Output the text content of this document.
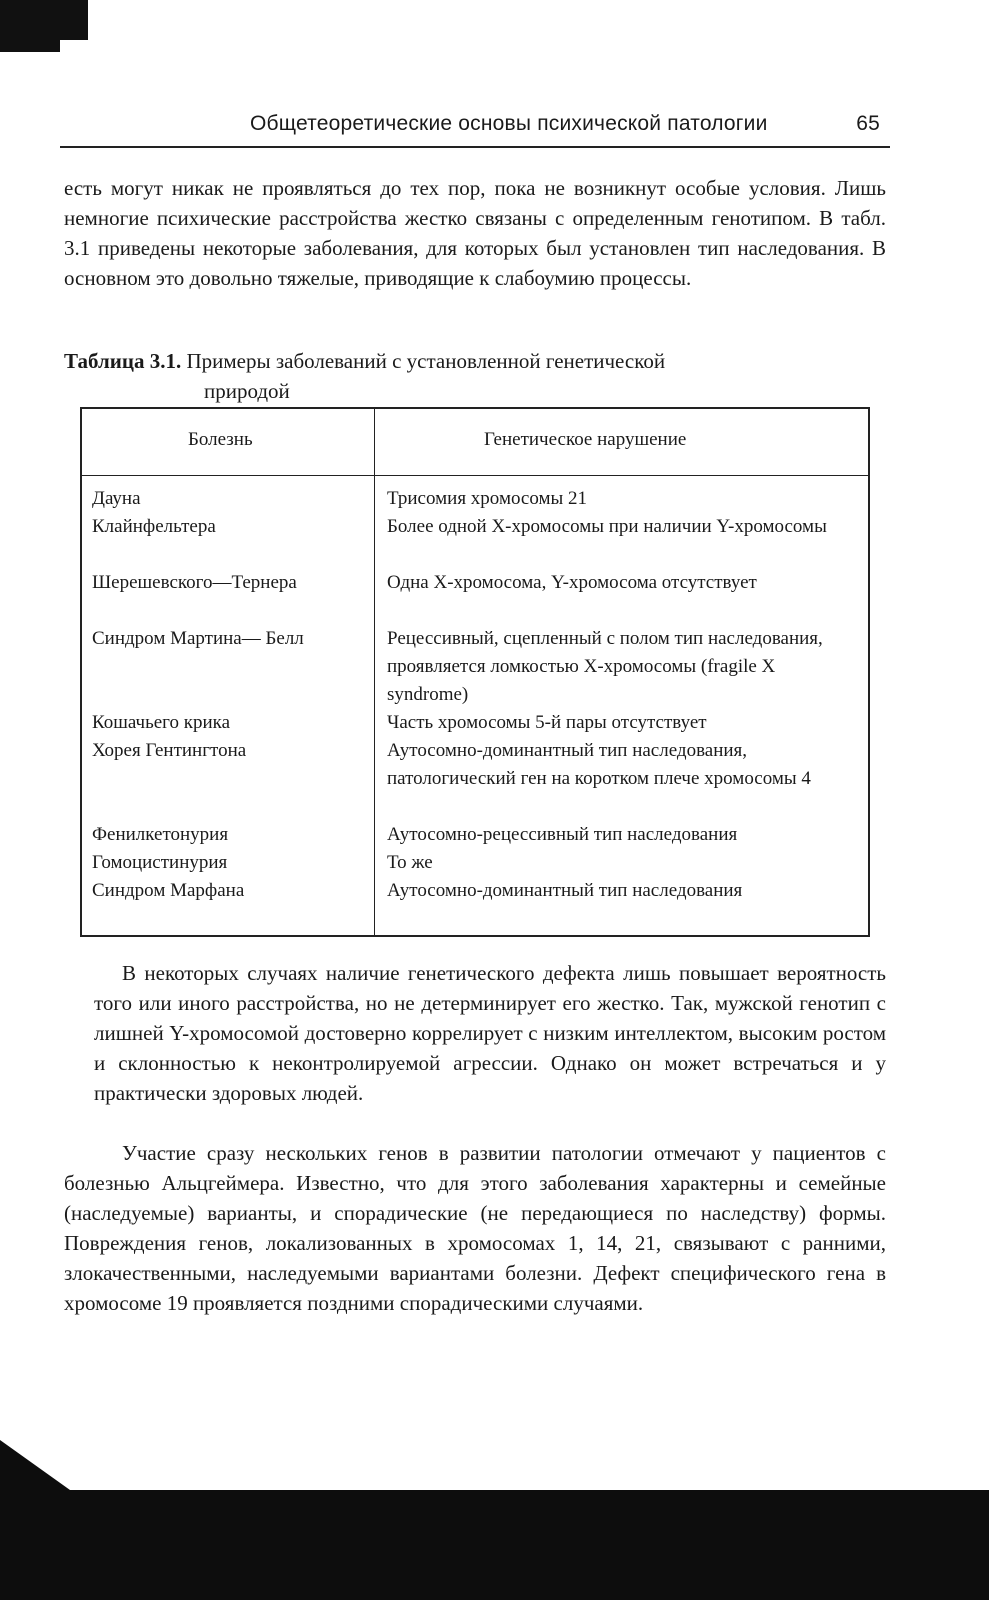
Общетеоретические основы психической патологии	65

есть могут никак не проявляться до тех пор, пока не возникнут особые условия. Лишь немногие психические расстройства жестко связаны с определенным генотипом. В табл. 3.1 приведены некоторые заболевания, для которых был установлен тип наследования. В основном это довольно тяжелые, приводящие к слабоумию процессы.

Таблица 3.1. Примеры заболеваний с установленной генетической
природой
Болезнь	Генетическое нарушение
Дауна	Трисомия хромосомы 21
Клайнфельтера	Более одной Х-хромосомы при наличии Y-хромосомы
Шерешевского—Тернера	Одна Х-хромосома, Y-хромосома отсутствует
Синдром Мартина— Белл	Рецессивный, сцепленный с полом тип наследования, проявляется ломкостью Х-хромосомы (fragile X syndrome)
Кошачьего крика	Часть хромосомы 5-й пары отсутствует
Хорея Гентингтона	Аутосомно-доминантный тип наследования, патологический ген на коротком плече хромосомы 4
Фенилкетонурия	Аутосомно-рецессивный тип наследования
Гомоцистинурия	То же
Синдром Марфана	Аутосомно-доминантный тип наследования

В некоторых случаях наличие генетического дефекта лишь повышает вероятность того или иного расстройства, но не детерминирует его жестко. Так, мужской генотип с лишней Y-хромосомой достоверно коррелирует с низким интеллектом, высоким ростом и склонностью к неконтролируемой агрессии. Однако он может встречаться и у практически здоровых людей.

Участие сразу нескольких генов в развитии патологии отмечают у пациентов с болезнью Альцгеймера. Известно, что для этого заболевания характерны и семейные (наследуемые) варианты, и спорадические (не передающиеся по наследству) формы. Повреждения генов, локализованных в хромосомах 1, 14, 21, связывают с ранними, злокачественными, наследуемыми вариантами болезни. Дефект специфического гена в хромосоме 19 проявляется поздними спорадическими случаями.
